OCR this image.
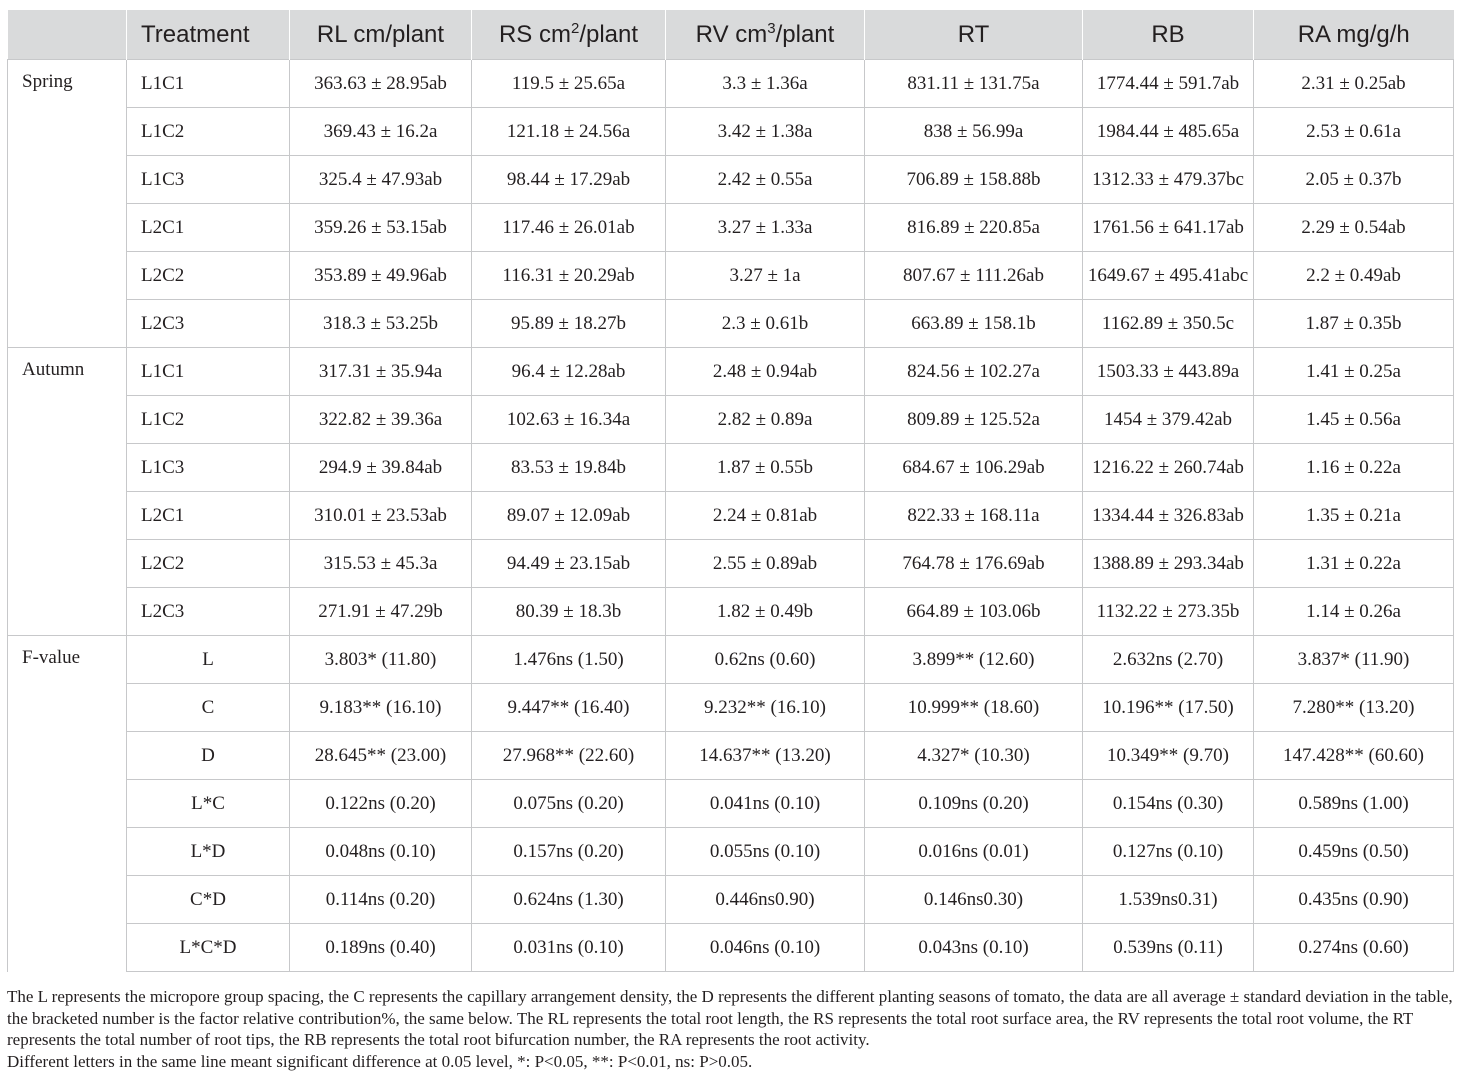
	Treatment	RL cm/plant	RS $cm^2$/plant	RV $cm^3$/plant	RT	RB	RA mg/g/h
Spring	L1C1	363.63 ± 28.95ab	119.5 ± 25.65a	3.3 ± 1.36a	831.11 ± 131.75a	1774.44 ± 591.7ab	2.31 ± 0.25ab
	L1C2	369.43 ± 16.2a	121.18 ± 24.56a	3.42 ± 1.38a	838 ± 56.99a	1984.44 ± 485.65a	2.53 ± 0.61a
	L1C3	325.4 ± 47.93ab	98.44 ± 17.29ab	2.42 ± 0.55a	706.89 ± 158.88b	1312.33 ± 479.37bc	2.05 ± 0.37b
	L2C1	359.26 ± 53.15ab	117.46 ± 26.01ab	3.27 ± 1.33a	816.89 ± 220.85a	1761.56 ± 641.17ab	2.29 ± 0.54ab
	L2C2	353.89 ± 49.96ab	116.31 ± 20.29ab	3.27 ± 1a	807.67 ± 111.26ab	1649.67 ± 495.41abc	2.2 ± 0.49ab
	L2C3	318.3 ± 53.25b	95.89 ± 18.27b	2.3 ± 0.61b	663.89 ± 158.1b	1162.89 ± 350.5c	1.87 ± 0.35b
Autumn	L1C1	317.31 ± 35.94a	96.4 ± 12.28ab	2.48 ± 0.94ab	824.56 ± 102.27a	1503.33 ± 443.89a	1.41 ± 0.25a
	L1C2	322.82 ± 39.36a	102.63 ± 16.34a	2.82 ± 0.89a	809.89 ± 125.52a	1454 ± 379.42ab	1.45 ± 0.56a
	L1C3	294.9 ± 39.84ab	83.53 ± 19.84b	1.87 ± 0.55b	684.67 ± 106.29ab	1216.22 ± 260.74ab	1.16 ± 0.22a
	L2C1	310.01 ± 23.53ab	89.07 ± 12.09ab	2.24 ± 0.81ab	822.33 ± 168.11a	1334.44 ± 326.83ab	1.35 ± 0.21a
	L2C2	315.53 ± 45.3a	94.49 ± 23.15ab	2.55 ± 0.89ab	764.78 ± 176.69ab	1388.89 ± 293.34ab	1.31 ± 0.22a
	L2C3	271.91 ± 47.29b	80.39 ± 18.3b	1.82 ± 0.49b	664.89 ± 103.06b	1132.22 ± 273.35b	1.14 ± 0.26a
F-value	L	3.803* (11.80)	1.476ns (1.50)	0.62ns (0.60)	3.899** (12.60)	2.632ns (2.70)	3.837* (11.90)
	C	9.183** (16.10)	9.447** (16.40)	9.232** (16.10)	10.999** (18.60)	10.196** (17.50)	7.280** (13.20)
	D	28.645** (23.00)	27.968** (22.60)	14.637** (13.20)	4.327* (10.30)	10.349** (9.70)	147.428** (60.60)
	L*C	0.122ns (0.20)	0.075ns (0.20)	0.041ns (0.10)	0.109ns (0.20)	0.154ns (0.30)	0.589ns (1.00)
	L*D	0.048ns (0.10)	0.157ns (0.20)	0.055ns (0.10)	0.016ns (0.01)	0.127ns (0.10)	0.459ns (0.50)
	C*D	0.114ns (0.20)	0.624ns (1.30)	0.446ns0.90)	0.146ns0.30)	1.539ns0.31)	0.435ns (0.90)
	L*C*D	0.189ns (0.40)	0.031ns (0.10)	0.046ns (0.10)	0.043ns (0.10)	0.539ns (0.11)	0.274ns (0.60)

The L represents the micropore group spacing, the C represents the capillary arrangement density, the D represents the different planting seasons of tomato, the data are all average ± standard deviation in the table, the bracketed number is the factor relative contribution%, the same below. The RL represents the total root length, the RS represents the total root surface area, the RV represents the total root volume, the RT represents the total number of root tips, the RB represents the total root bifurcation number, the RA represents the root activity.

Different letters in the same line meant significant difference at 0.05 level, *: P<0.05, **: P<0.01, ns: P>0.05.
